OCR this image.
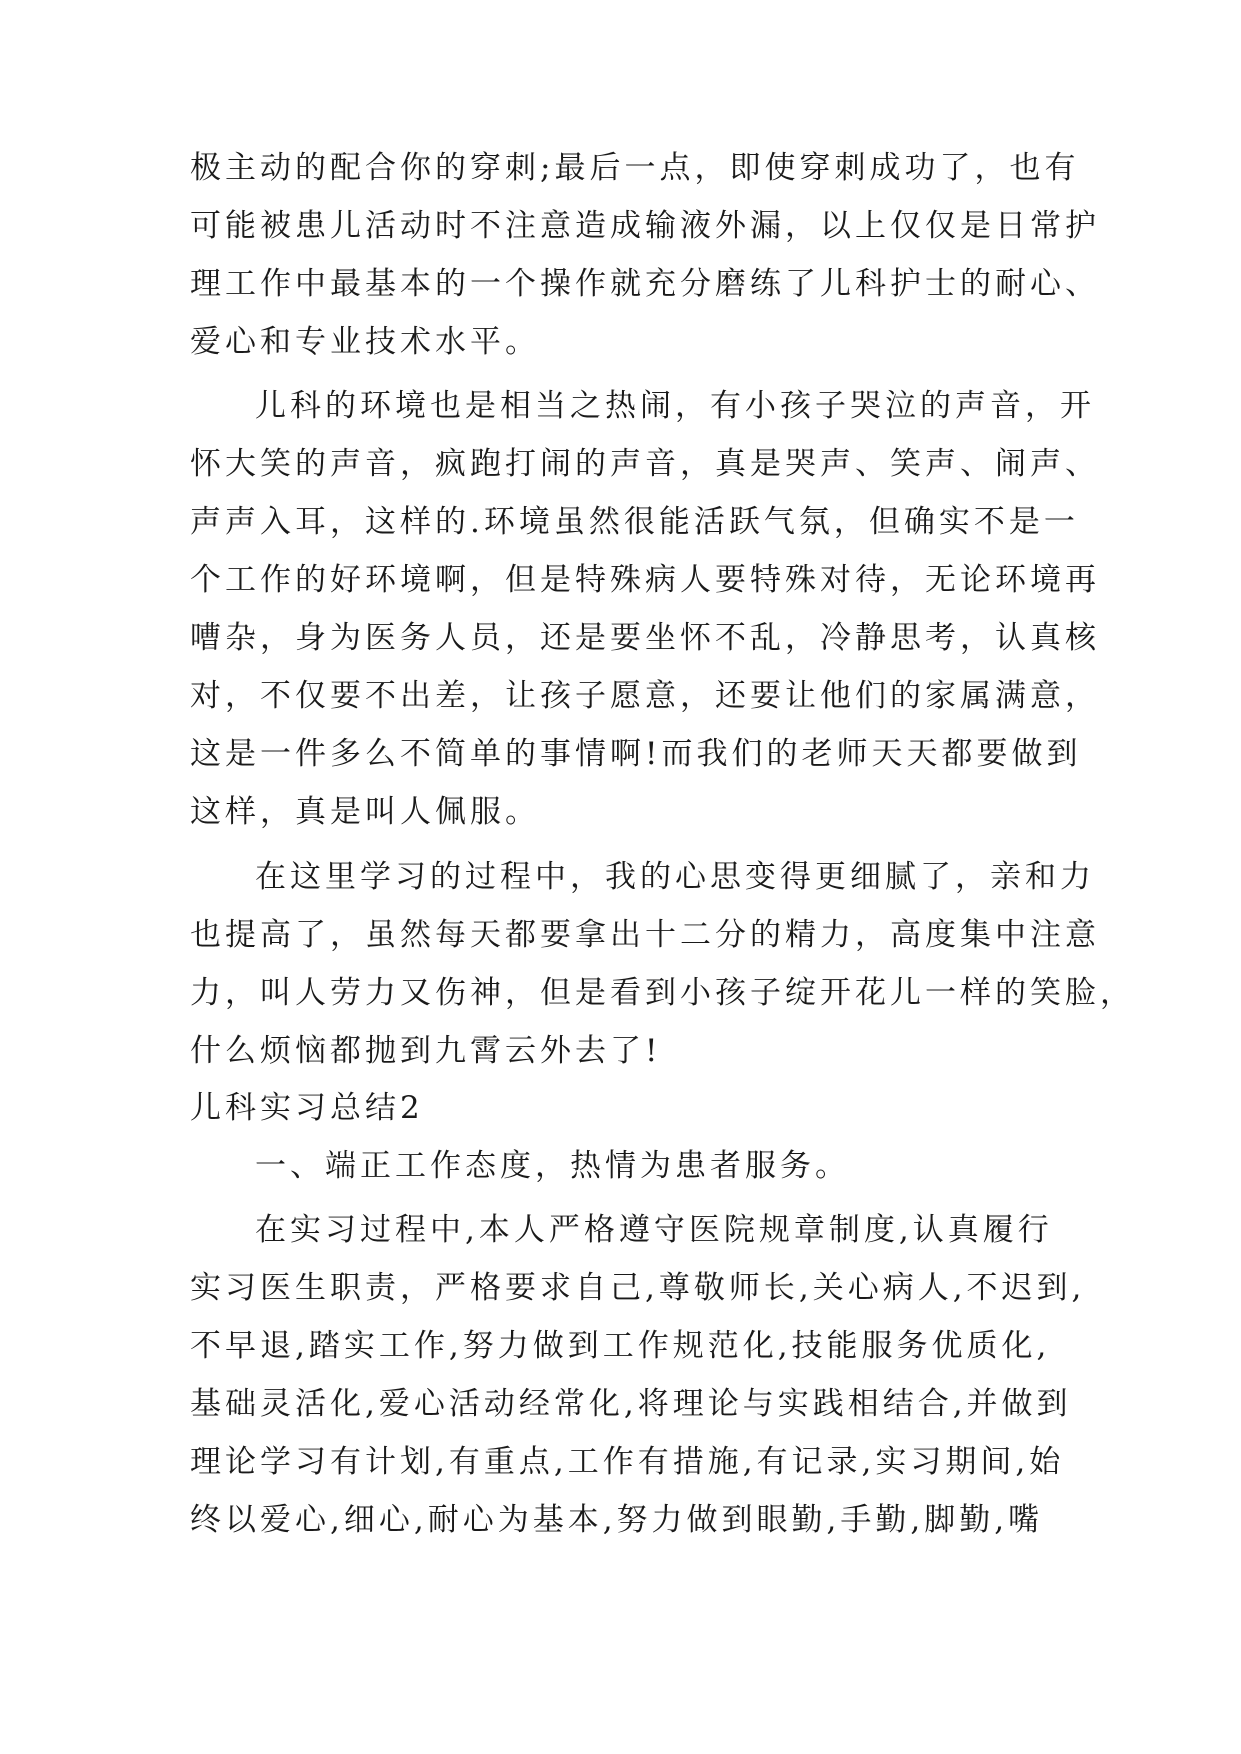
极主动的配合你的穿刺;最后一点，即使穿刺成功了，也有
可能被患儿活动时不注意造成输液外漏，以上仅仅是日常护
理工作中最基本的一个操作就充分磨练了儿科护士的耐心、
爱心和专业技术水平。
儿科的环境也是相当之热闹，有小孩子哭泣的声音，开
怀大笑的声音，疯跑打闹的声音，真是哭声、笑声、闹声、
声声入耳，这样的.环境虽然很能活跃气氛，但确实不是一
个工作的好环境啊，但是特殊病人要特殊对待，无论环境再
嘈杂，身为医务人员，还是要坐怀不乱，冷静思考，认真核
对，不仅要不出差，让孩子愿意，还要让他们的家属满意，
这是一件多么不简单的事情啊!而我们的老师天天都要做到
这样，真是叫人佩服。
在这里学习的过程中，我的心思变得更细腻了，亲和力
也提高了，虽然每天都要拿出十二分的精力，高度集中注意
力，叫人劳力又伤神，但是看到小孩子绽开花儿一样的笑脸，
什么烦恼都抛到九霄云外去了!
儿科实习总结2
一、端正工作态度，热情为患者服务。
在实习过程中,本人严格遵守医院规章制度,认真履行
实习医生职责，严格要求自己,尊敬师长,关心病人,不迟到,
不早退,踏实工作,努力做到工作规范化,技能服务优质化,
基础灵活化,爱心活动经常化,将理论与实践相结合,并做到
理论学习有计划,有重点,工作有措施,有记录,实习期间,始
终以爱心,细心,耐心为基本,努力做到眼勤,手勤,脚勤,嘴
